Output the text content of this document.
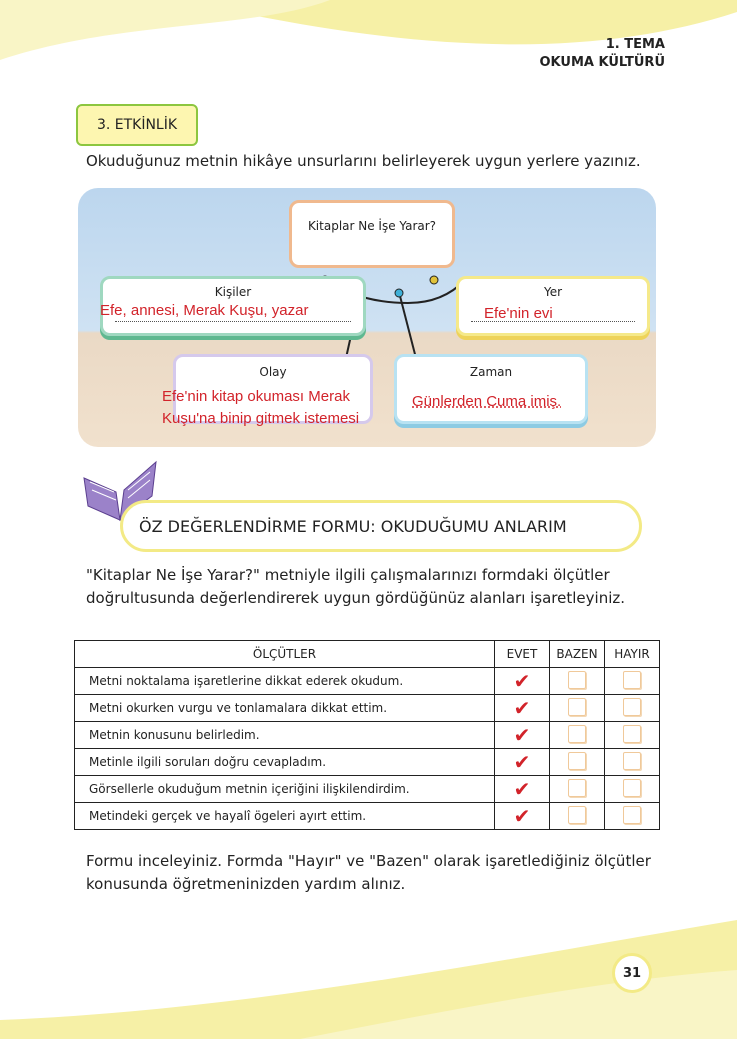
1. TEMA
OKUMA KÜLTÜRÜ
3. ETKİNLİK
Okuduğunuz metnin hikâye unsurlarını belirleyerek uygun yerlere yazınız.
Kitaplar Ne İşe Yarar?
Kişiler	Yer
Olay	Zaman
Efe, annesi, Merak Kuşu, yazar	Efe'nin evi
Efe'nin kitap okuması Merak
Kuşu'na binip gitmek istemesi
Günlerden Cuma imiş.
ÖZ DEĞERLENDİRME FORMU: OKUDUĞUMU ANLARIM
"Kitaplar Ne İşe Yarar?" metniyle ilgili çalışmalarınızı formdaki ölçütler doğrultusunda değerlendirerek uygun gördüğünüz alanları işaretleyiniz.
ÖLÇÜTLER	EVET	BAZEN	HAYIR
Metni noktalama işaretlerine dikkat ederek okudum.	✔︎		
Metni okurken vurgu ve tonlamalara dikkat ettim.	✔︎		
Metnin konusunu belirledim.	✔︎		
Metinle ilgili soruları doğru cevapladım.	✔︎		
Görsellerle okuduğum metnin içeriğini ilişkilendirdim.	✔︎		
Metindeki gerçek ve hayalî ögeleri ayırt ettim.	✔︎		
Formu inceleyiniz. Formda "Hayır" ve "Bazen" olarak işaretlediğiniz ölçütler konusunda öğretmeninizden yardım alınız.
31
